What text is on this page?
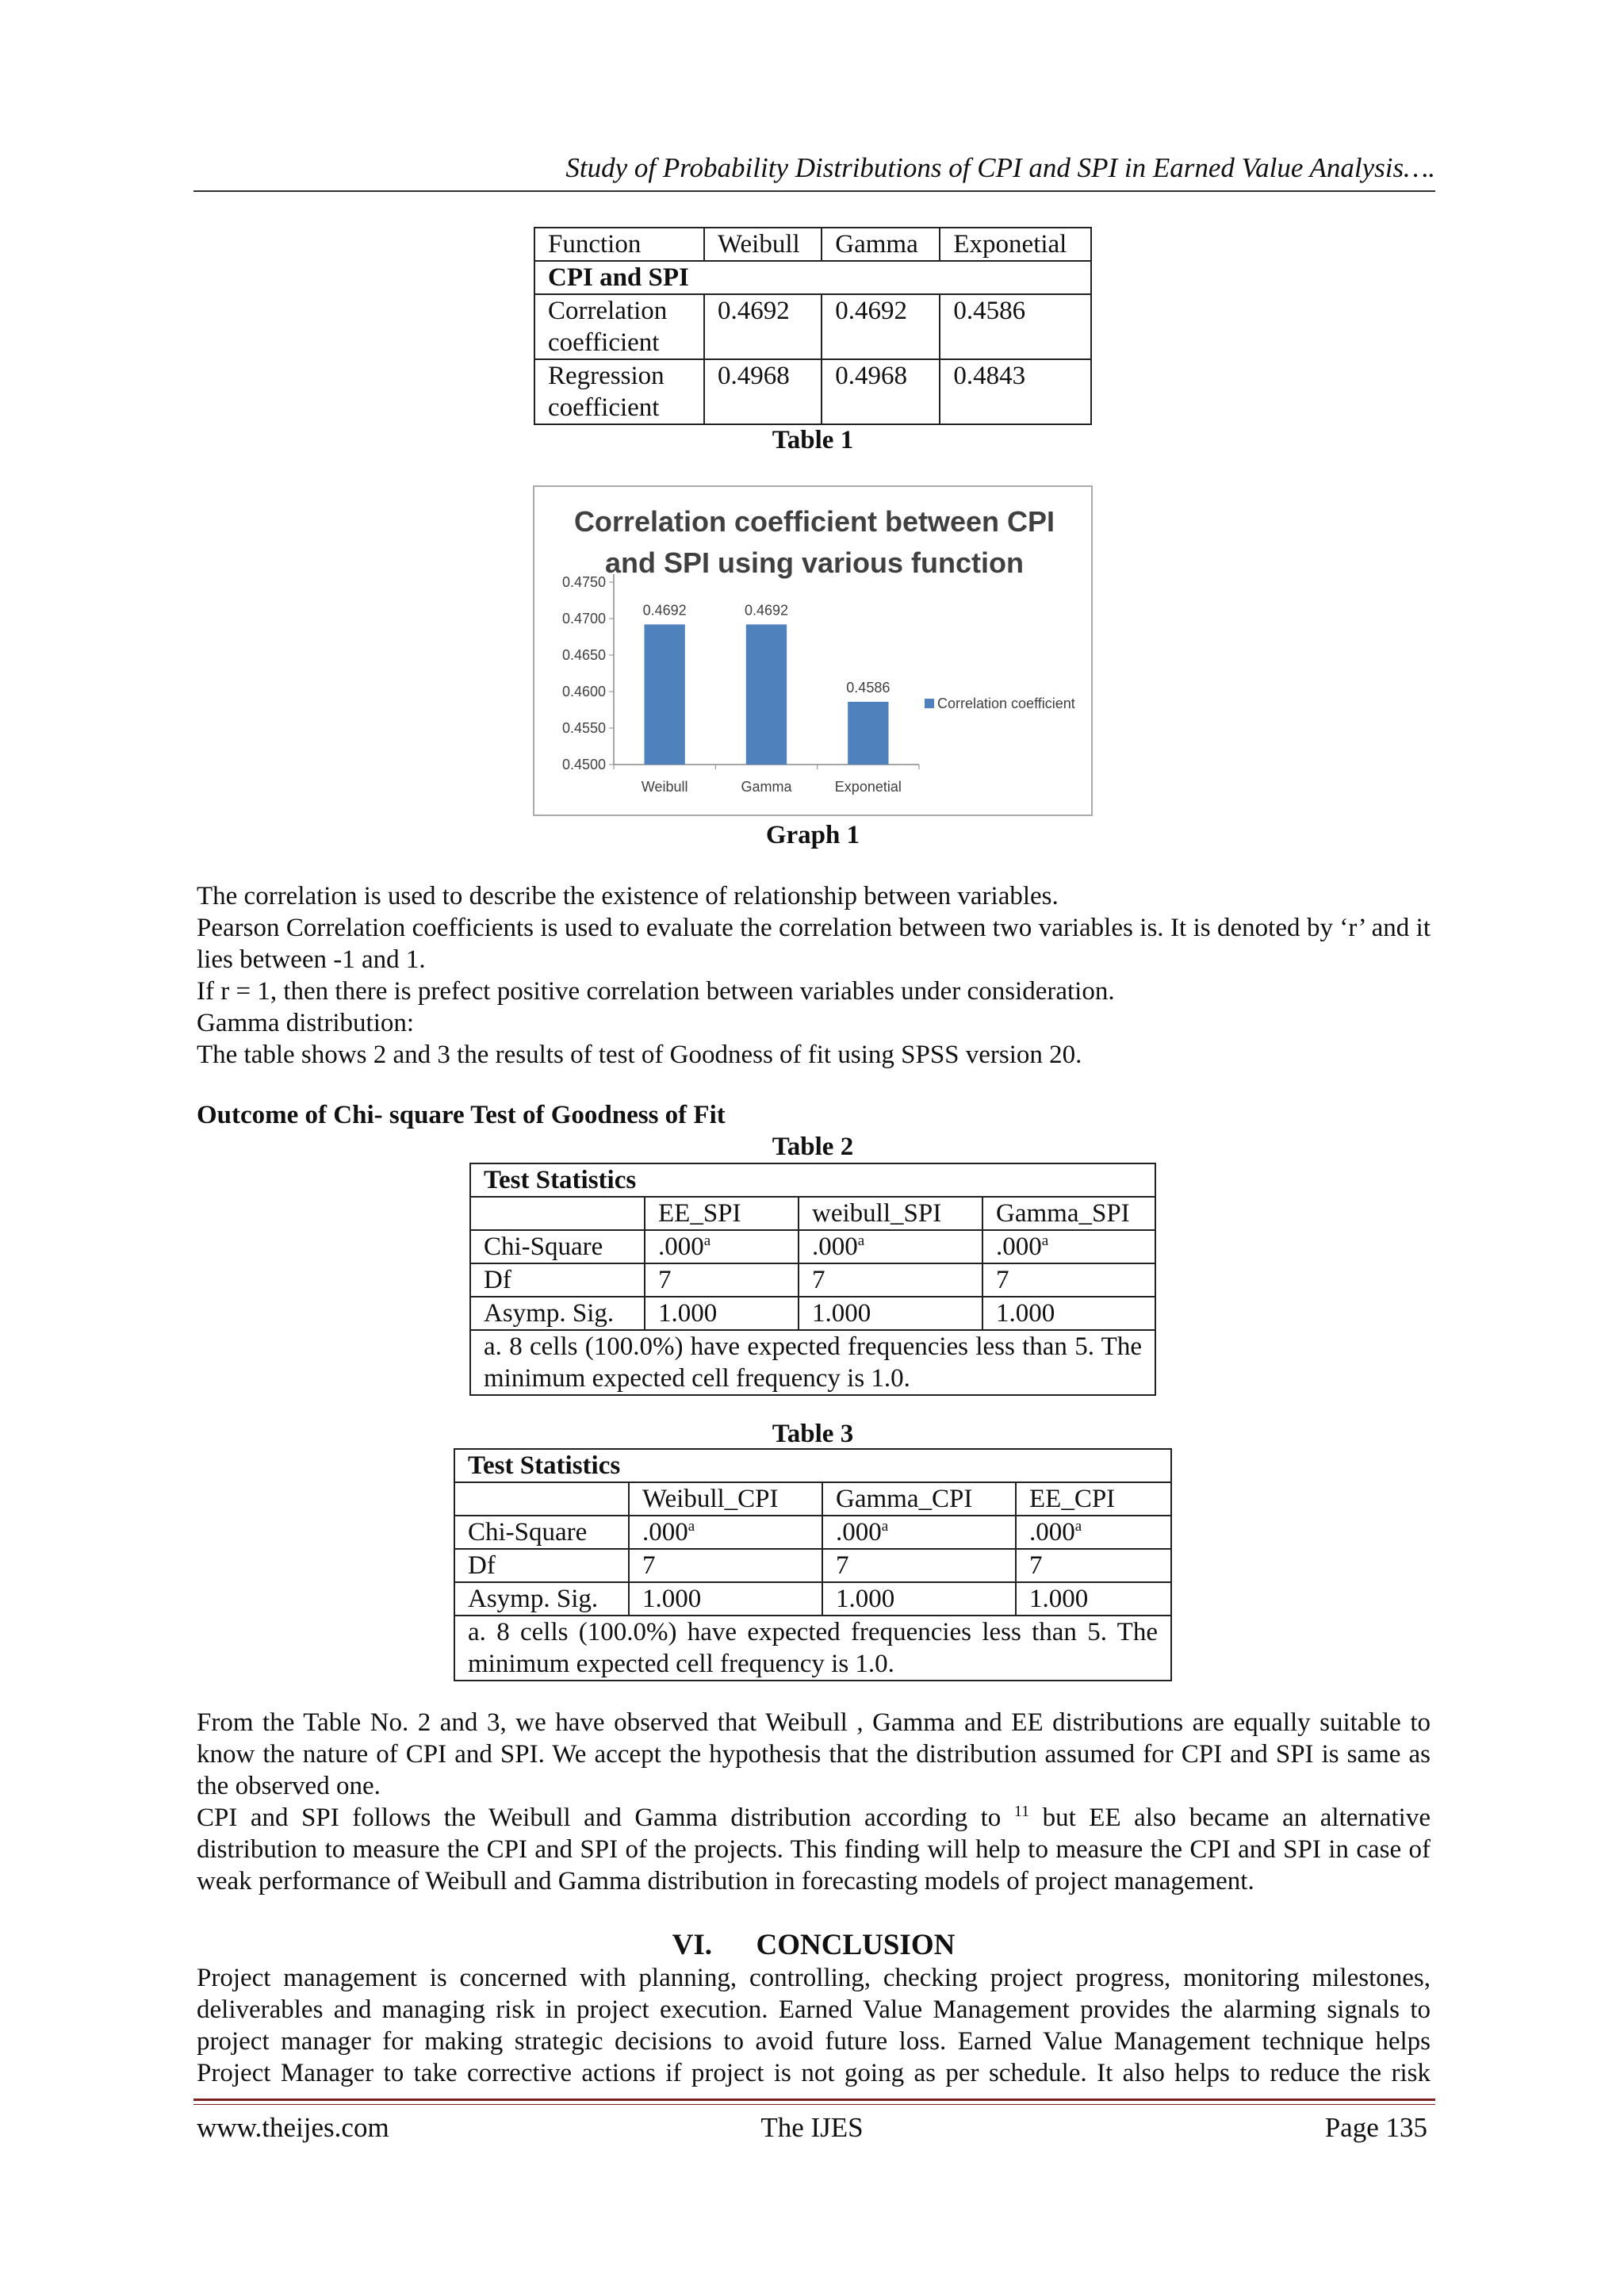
Study of Probability Distributions of CPI and SPI in Earned Value Analysis….
Function	Weibull	Gamma	Exponetial
CPI and SPI			
Correlation
coefficient	0.4692	0.4692	0.4586
Regression
coefficient	0.4968	0.4968	0.4843
Table 1
Correlation coefficient between CPI
and SPI using various function
0.4500
0.4550
0.4600
0.4650
0.4700
0.4750
0.4692
Weibull
0.4692
Gamma
0.4586
Exponetial
Correlation coefficient
Graph 1

The correlation is used to describe the existence of relationship between variables.

Pearson Correlation coefficients is used to evaluate the correlation between two variables is. It is denoted by ‘r’ and it lies between -1 and 1.

If r = 1, then there is prefect positive correlation between variables under consideration.

Gamma distribution:

The table shows 2 and 3 the results of test of Goodness of fit using SPSS version 20.

Outcome of Chi- square Test of Goodness of Fit
Table 2
Test Statistics			
	EE_SPI	weibull_SPI	Gamma_SPI
Chi-Square	.000$^a$	.000$^a$	.000$^a$
Df	7	7	7
Asymp. Sig.	1.000	1.000	1.000
a. 8 cells (100.0%) have expected frequencies less than 5. The minimum expected cell frequency is 1.0.			
Table 3
Test Statistics			
	Weibull_CPI	Gamma_CPI	EE_CPI
Chi-Square	.000$^a$	.000$^a$	.000$^a$
Df	7	7	7
Asymp. Sig.	1.000	1.000	1.000
a. 8 cells (100.0%) have expected frequencies less than 5. The minimum expected cell frequency is 1.0.			

From the Table No. 2 and 3, we have observed that Weibull , Gamma and EE distributions are equally suitable to know the nature of CPI and SPI. We accept the hypothesis that the distribution assumed for CPI and SPI is same as the observed one.

CPI and SPI follows the Weibull and Gamma distribution according to $^{11}$ but EE also became an alternative distribution to measure the CPI and SPI of the projects. This finding will help to measure the CPI and SPI in case of weak performance of Weibull and Gamma distribution in forecasting models of project management.

VI. CONCLUSION

Project management is concerned with planning, controlling, checking project progress, monitoring milestones, deliverables and managing risk in project execution. Earned Value Management provides the alarming signals to project manager for making strategic decisions to avoid future loss. Earned Value Management technique helps Project Manager to take corrective actions if project is not going as per schedule. It also helps to reduce the risk

www.theijes.com	The IJES	Page 135
